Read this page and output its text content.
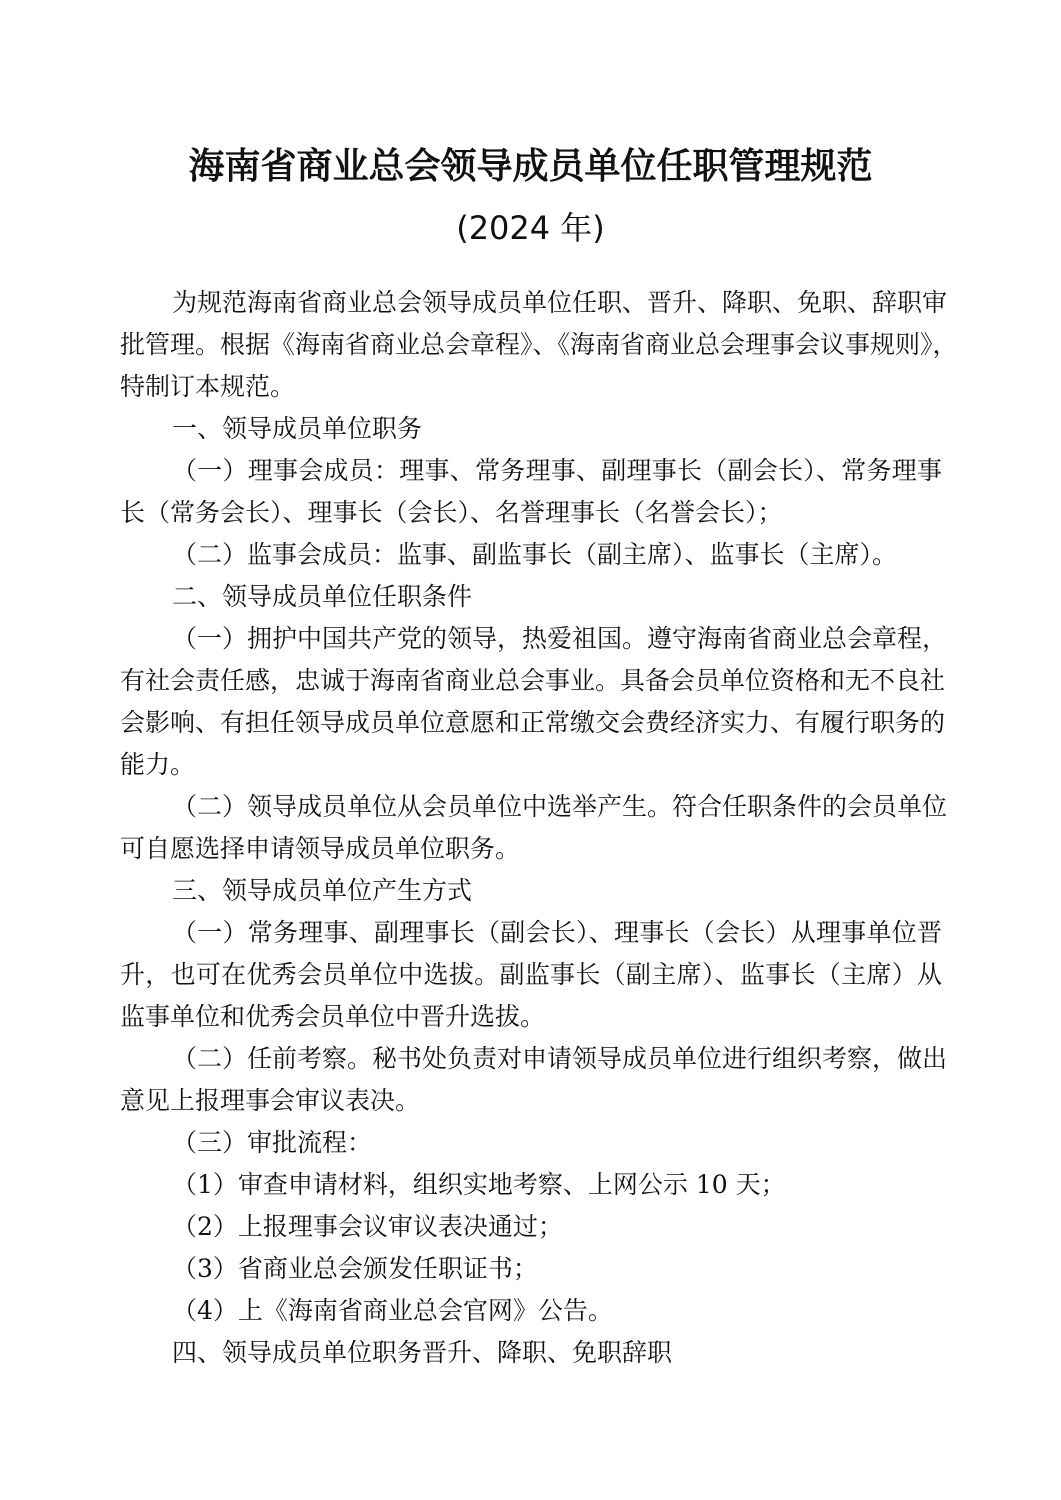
海南省商业总会领导成员单位任职管理规范
(2024 年)
为规范海南省商业总会领导成员单位任职、晋升、降职、免职、辞职审
批管理。根据《海南省商业总会章程》、《海南省商业总会理事会议事规则》，
特制订本规范。
一、领导成员单位职务
（一）理事会成员：理事、常务理事、副理事长（副会长）、常务理事
长（常务会长）、理事长（会长）、名誉理事长（名誉会长）；
（二）监事会成员：监事、副监事长（副主席）、监事长（主席）。
二、领导成员单位任职条件
（一）拥护中国共产党的领导，热爱祖国。遵守海南省商业总会章程，
有社会责任感，忠诚于海南省商业总会事业。具备会员单位资格和无不良社
会影响、有担任领导成员单位意愿和正常缴交会费经济实力、有履行职务的
能力。
（二）领导成员单位从会员单位中选举产生。符合任职条件的会员单位
可自愿选择申请领导成员单位职务。
三、领导成员单位产生方式
（一）常务理事、副理事长（副会长）、理事长（会长）从理事单位晋
升，也可在优秀会员单位中选拔。副监事长（副主席）、监事长（主席）从
监事单位和优秀会员单位中晋升选拔。
（二）任前考察。秘书处负责对申请领导成员单位进行组织考察，做出
意见上报理事会审议表决。
（三）审批流程：
（1）审查申请材料，组织实地考察、上网公示 10 天；
（2）上报理事会议审议表决通过；
（3）省商业总会颁发任职证书；
（4）上《海南省商业总会官网》公告。
四、领导成员单位职务晋升、降职、免职辞职
